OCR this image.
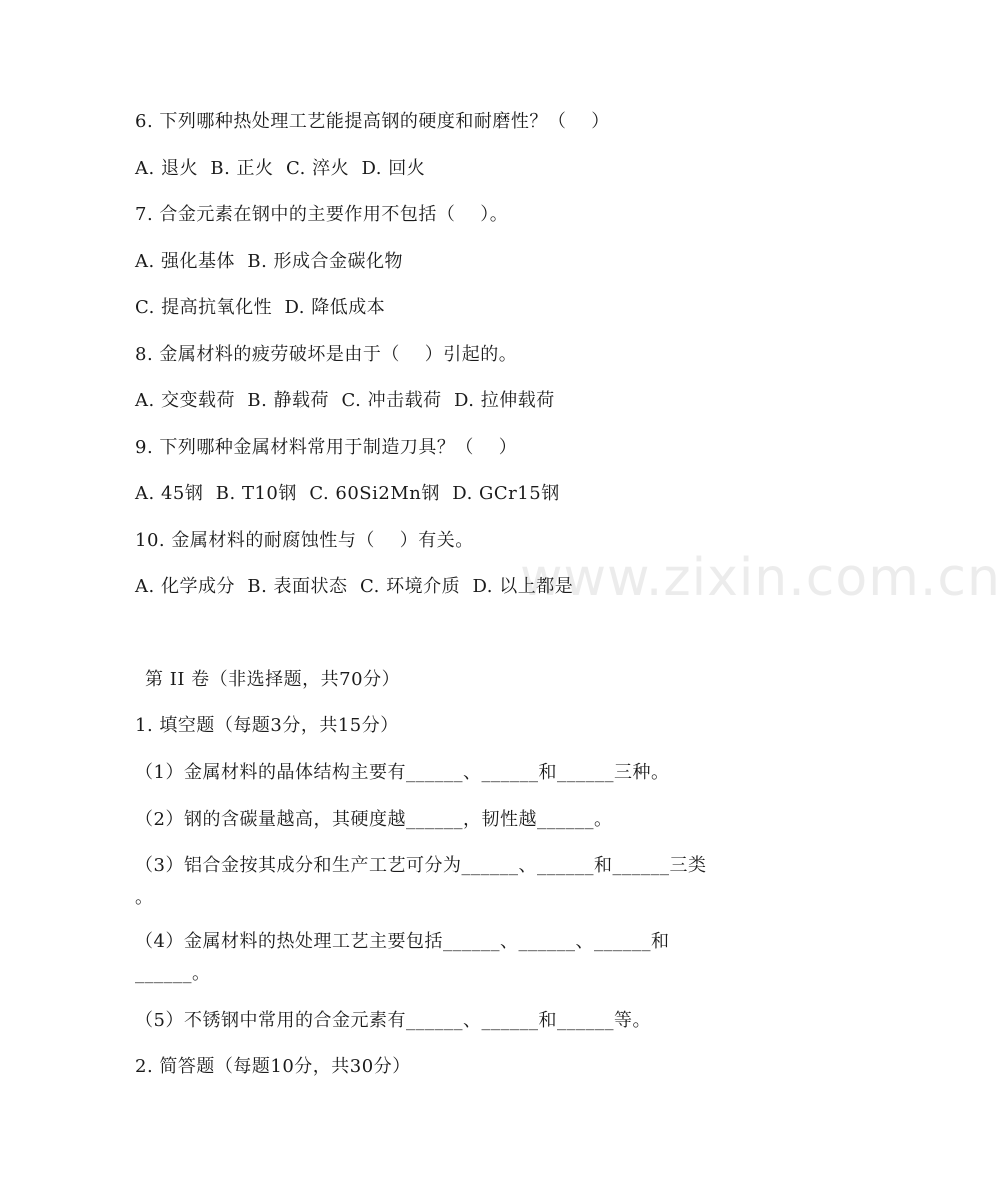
www.zixin.com.cn
6. 下列哪种热处理工艺能提高钢的硬度和耐磨性？（    ）
A. 退火  B. 正火  C. 淬火  D. 回火
7. 合金元素在钢中的主要作用不包括（    ）。
A. 强化基体  B. 形成合金碳化物
C. 提高抗氧化性  D. 降低成本
8. 金属材料的疲劳破坏是由于（    ）引起的。
A. 交变载荷  B. 静载荷  C. 冲击载荷  D. 拉伸载荷
9. 下列哪种金属材料常用于制造刀具？（    ）
A. 45钢  B. T10钢  C. 60Si2Mn钢  D. GCr15钢
10. 金属材料的耐腐蚀性与（    ）有关。
A. 化学成分  B. 表面状态  C. 环境介质  D. 以上都是
第 II 卷（非选择题，共70分）
1. 填空题（每题3分，共15分）
（1）金属材料的晶体结构主要有______、______和______三种。
（2）钢的含碳量越高，其硬度越______，韧性越______。
（3）铝合金按其成分和生产工艺可分为______、______和______三类
。
（4）金属材料的热处理工艺主要包括______、______、______和
______。
（5）不锈钢中常用的合金元素有______、______和______等。
2. 简答题（每题10分，共30分）
